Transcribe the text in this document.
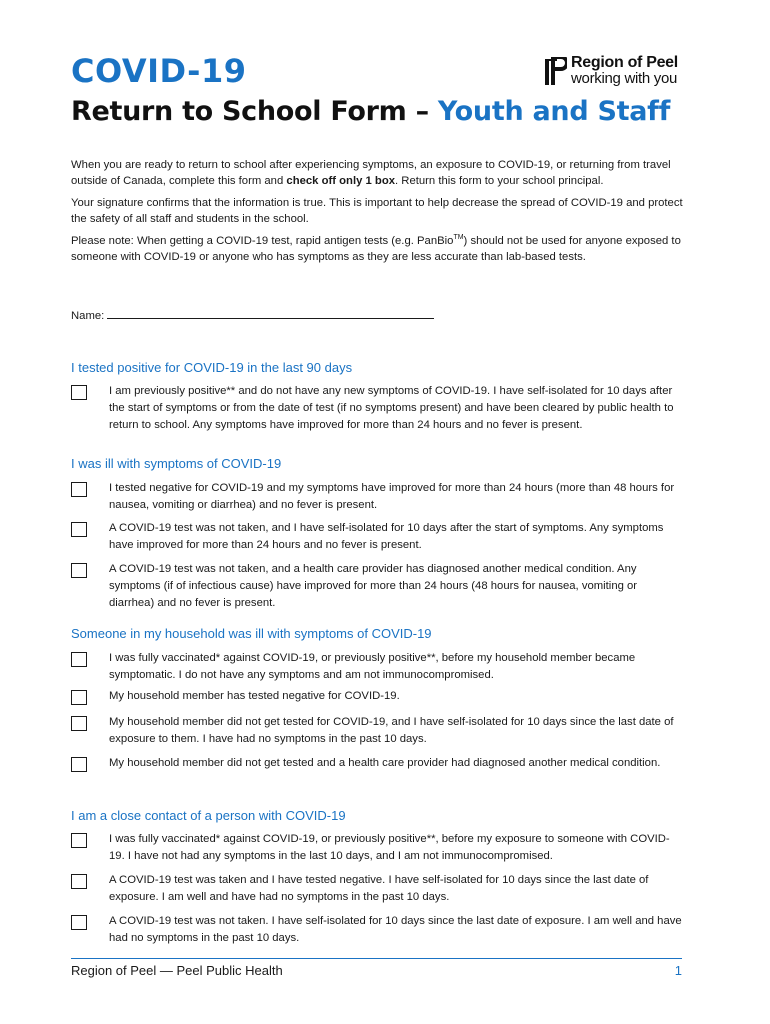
COVID-19
Return to School Form – Youth and Staff
Region of Peel
working with you

When you are ready to return to school after experiencing symptoms, an exposure to COVID-19, or returning from travel outside of Canada, complete this form and check off only 1 box. Return this form to your school principal.

Your signature confirms that the information is true. This is important to help decrease the spread of COVID-19 and protect the safety of all staff and students in the school.

Please note: When getting a COVID-19 test, rapid antigen tests (e.g. PanBio™) should not be used for anyone exposed to someone with COVID-19 or anyone who has symptoms as they are less accurate than lab-based tests.

Name:
I tested positive for COVID-19 in the last 90 days
I am previously positive** and do not have any new symptoms of COVID-19. I have self-isolated for 10 days after the start of symptoms or from the date of test (if no symptoms present) and have been cleared by public health to return to school. Any symptoms have improved for more than 24 hours and no fever is present.
I was ill with symptoms of COVID-19
I tested negative for COVID-19 and my symptoms have improved for more than 24 hours (more than 48 hours for nausea, vomiting or diarrhea) and no fever is present.
A COVID-19 test was not taken, and I have self-isolated for 10 days after the start of symptoms. Any symptoms have improved for more than 24 hours and no fever is present.
A COVID-19 test was not taken, and a health care provider has diagnosed another medical condition. Any symptoms (if of infectious cause) have improved for more than 24 hours (48 hours for nausea, vomiting or diarrhea) and no fever is present.
Someone in my household was ill with symptoms of COVID-19
I was fully vaccinated* against COVID-19, or previously positive**, before my household member became symptomatic. I do not have any symptoms and am not immunocompromised.
My household member has tested negative for COVID-19.
My household member did not get tested for COVID-19, and I have self-isolated for 10 days since the last date of exposure to them. I have had no symptoms in the past 10 days.
My household member did not get tested and a health care provider had diagnosed another medical condition.
I am a close contact of a person with COVID-19
I was fully vaccinated* against COVID-19, or previously positive**, before my exposure to someone with COVID-19. I have not had any symptoms in the last 10 days, and I am not immunocompromised.
A COVID-19 test was taken and I have tested negative. I have self-isolated for 10 days since the last date of exposure. I am well and have had no symptoms in the past 10 days.
A COVID-19 test was not taken. I have self-isolated for 10 days since the last date of exposure. I am well and have had no symptoms in the past 10 days.
Region of Peel — Peel Public Health	1
